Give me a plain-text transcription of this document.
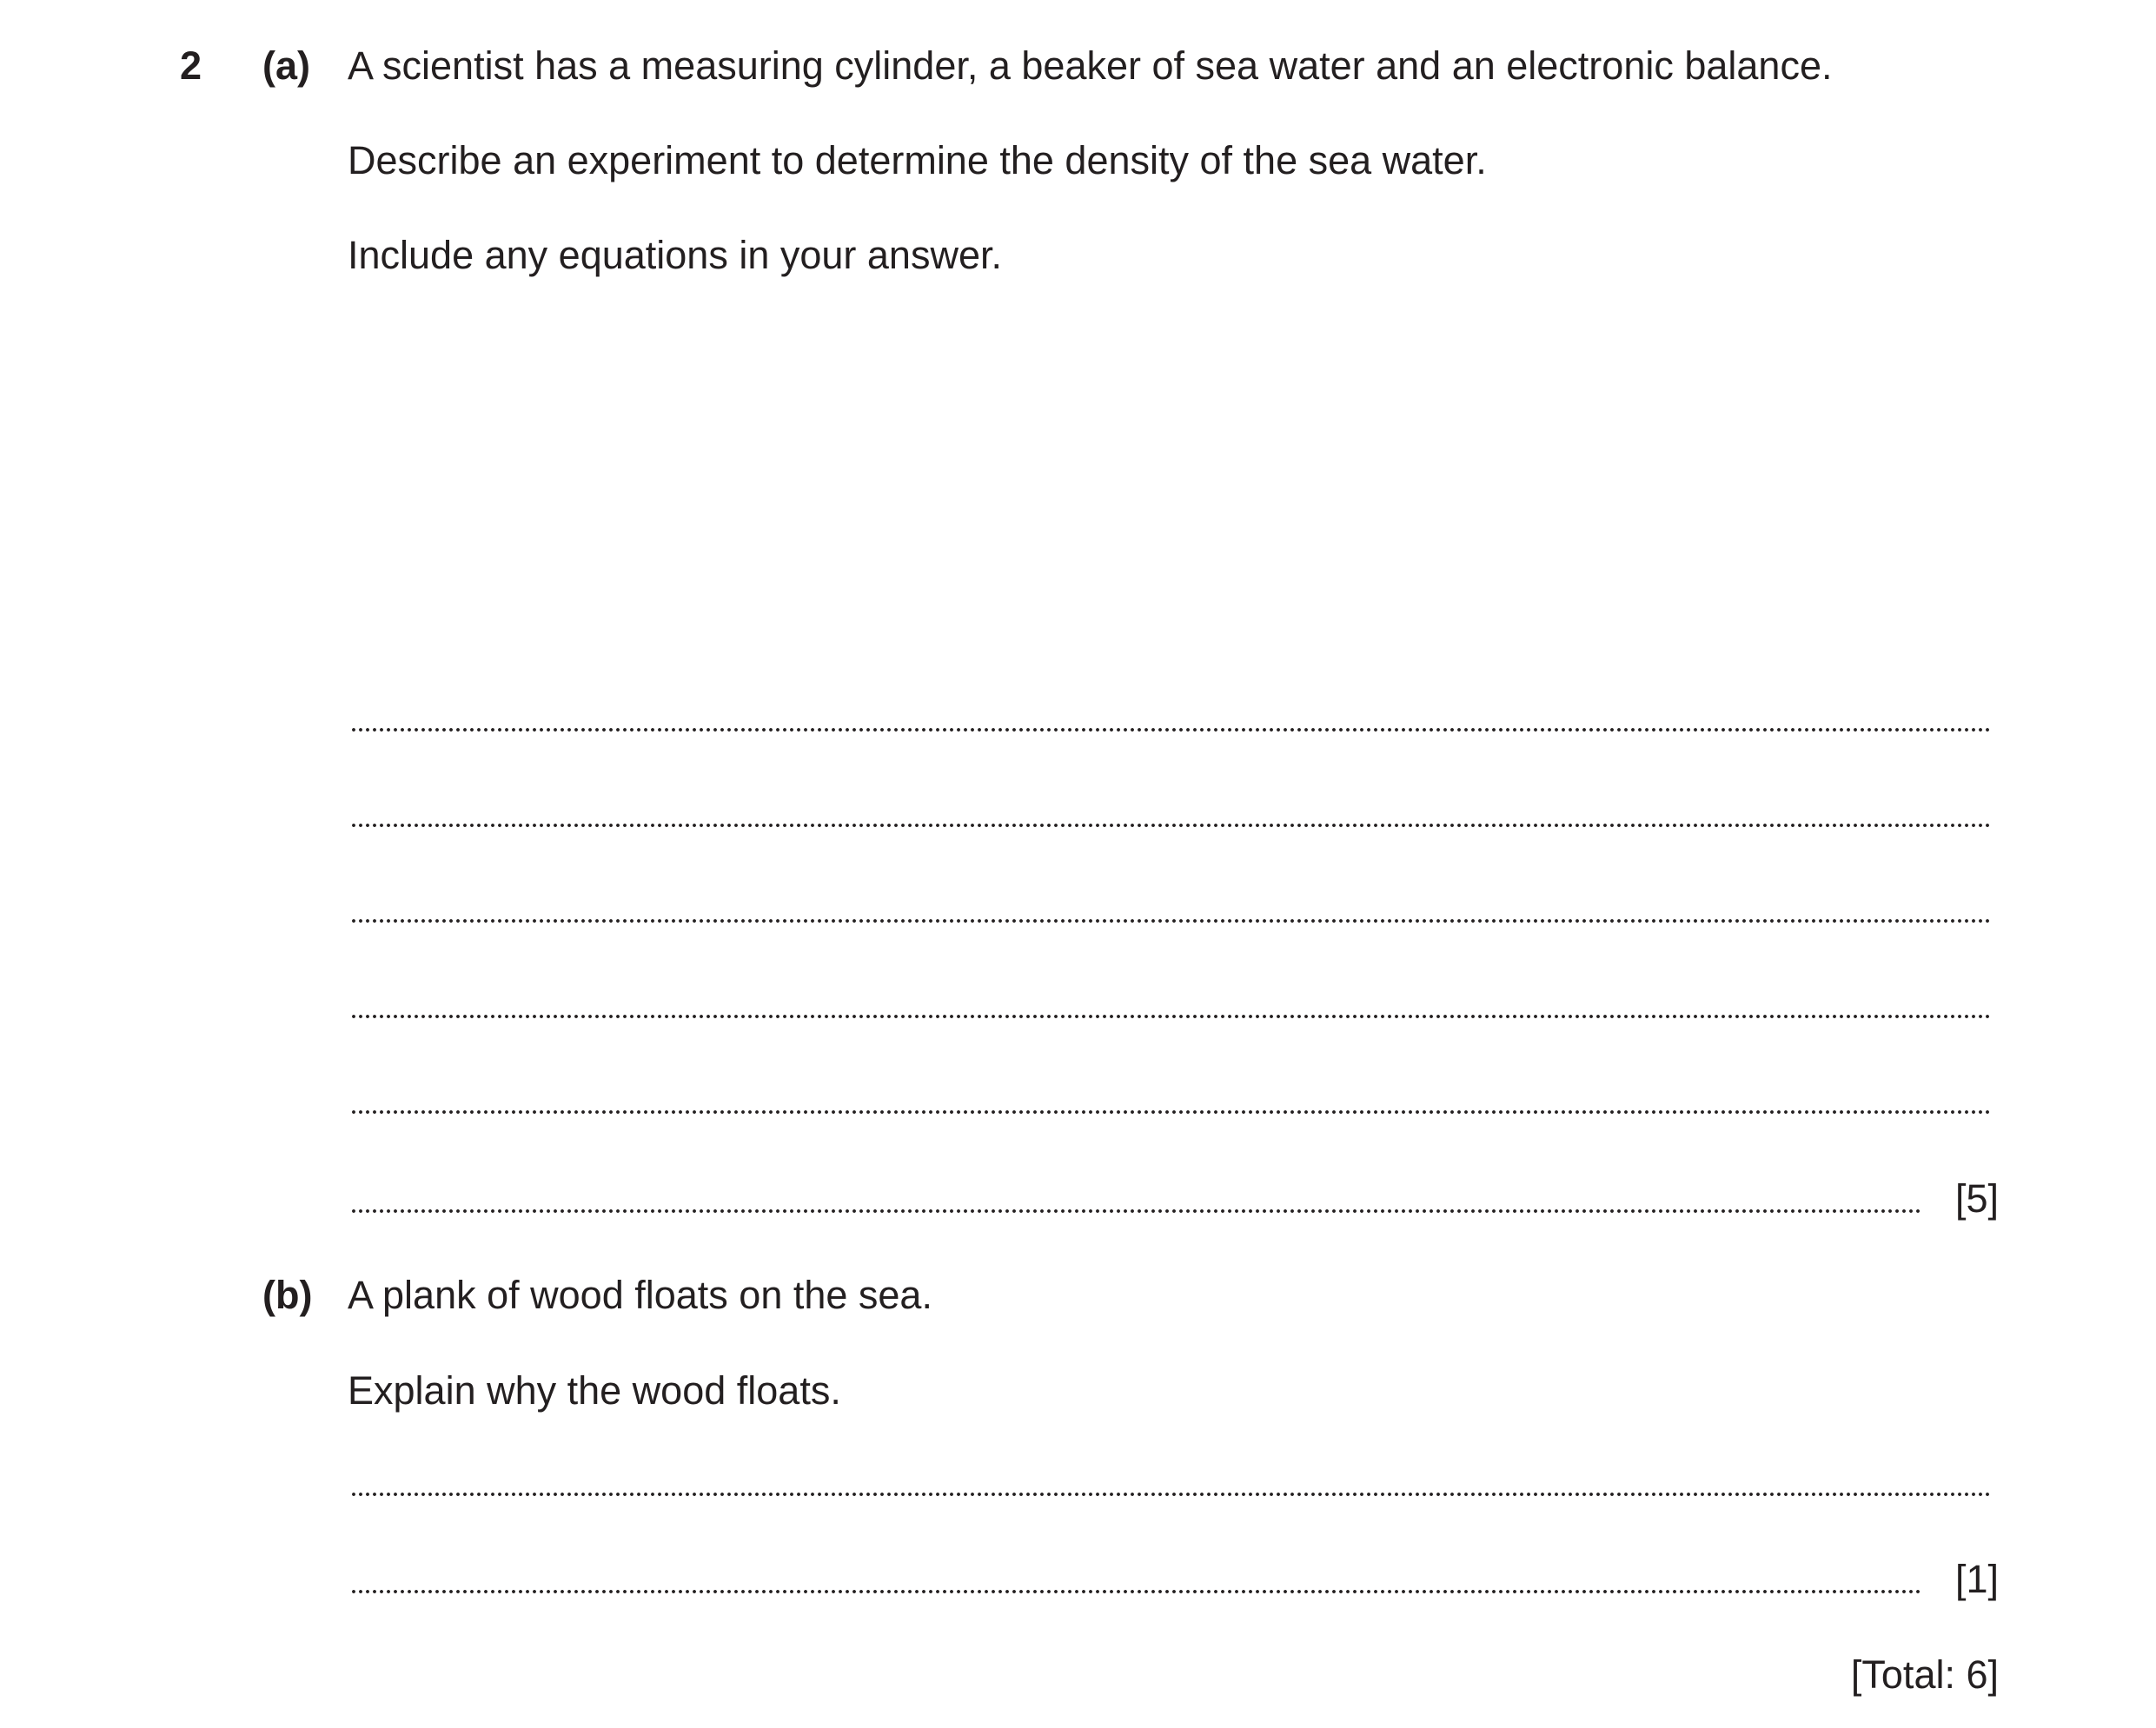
2 (a) A scientist has a measuring cylinder, a beaker of sea water and an electronic balance.
Describe an experiment to determine the density of the sea water.
Include any equations in your answer.
[5]
(b) A plank of wood floats on the sea.
Explain why the wood floats.
[1]
[Total: 6]
